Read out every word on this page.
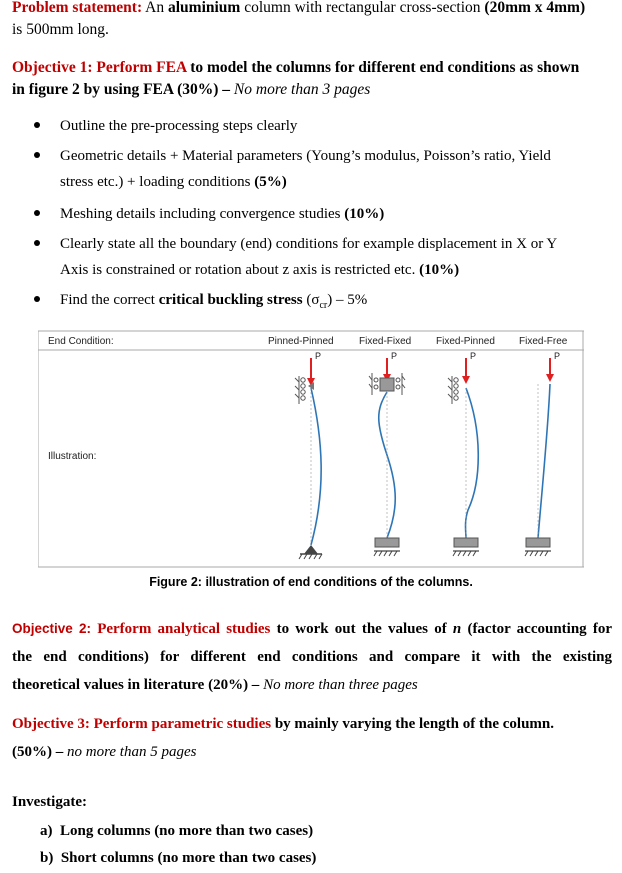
Problem statement: An aluminium column with rectangular cross-section (20mm x 4mm)
is 500mm long.
Objective 1: Perform FEA to model the columns for different end conditions as shown
in figure 2 by using FEA (30%) – No more than 3 pages
Outline the pre-processing steps clearly
Geometric details + Material parameters (Young’s modulus, Poisson’s ratio, Yield
stress etc.) + loading conditions (5%)
Meshing details including convergence studies (10%)
Clearly state all the boundary (end) conditions for example displacement in X or Y
Axis is constrained or rotation about z axis is restricted etc. (10%)
Find the correct critical buckling stress $(\sigma_{cr}) - 5\%$
End Condition:
Illustration:
Pinned-Pinned	Fixed-Fixed Fixed-Pinned Fixed-Free
P	P	P	P
Figure 2: illustration of end conditions of the columns.
Objective 2: Perform analytical studies to work out the values of n (factor accounting for
the end conditions) for different end conditions and compare it with the existing
theoretical values in literature (20%) – No more than three pages
Objective 3: Perform parametric studies by mainly varying the length of the column.
(50%) – no more than 5 pages
Investigate:
a) Long columns (no more than two cases)
b) Short columns (no more than two cases)
